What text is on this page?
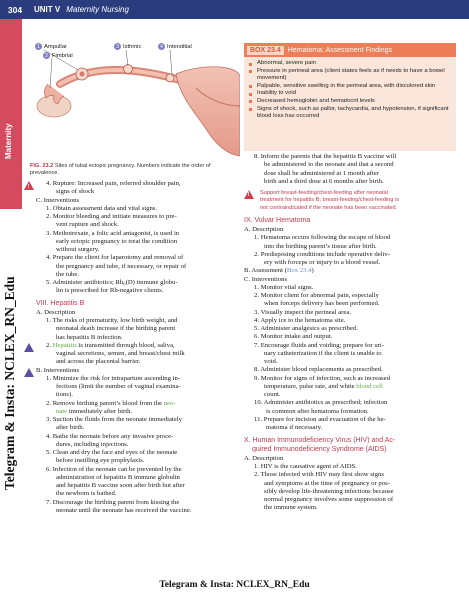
304	UNIT V Maternity Nursing
Maternity
Telegram & Insta: NCLEX_RN_Edu
1 Ampullar
2 Fimbrial
3 Isthmic	4 Interstitial
FIG. 23.2 Sites of tubal ectopic pregnancy. Numbers indicate the order of prevalence.
BOX 23.4	Hematoma: Assessment Findings
Abnormal, severe pain
Pressure in perineal area (client states feels as if needs to have a bowel movement)
Palpable, sensitive swelling in the perineal area, with discolored skin
Inability to void
Decreased hemoglobin and hematocrit levels
Signs of shock, such as pallor, tachycardia, and hypotension, if significant blood loss has occurred
!
4. Rupture: Increased pain, referred shoulder pain,
signs of shock
C. Interventions
1. Obtain assessment data and vital signs.
2. Monitor bleeding and initiate measures to pre-
vent rupture and shock.
3. Methotrexate, a folic acid antagonist, is used in
early ectopic pregnancy to treat the condition
without surgery.
4. Prepare the client for laparotomy and removal of
the pregnancy and tube, if necessary, or repair of
the tube.
5. Administer antibiotics; Rh₀(D) immune globu-
lin is prescribed for Rh-negative clients.
VIII. Hepatitis B
A. Description
1. The risks of prematurity, low birth weight, and
neonatal death increase if the birthing parent
has hepatitis B infection.
2. Hepatitis is transmitted through blood, saliva,
vaginal secretions, semen, and breast/chest milk
and across the placental barrier.
B. Interventions
1. Minimize the risk for intrapartum ascending in-
fections (limit the number of vaginal examina-
tions).
2. Remove birthing parent’s blood from the neo-
nate immediately after birth.
3. Suction the fluids from the neonate immediately
after birth.
4. Bathe the neonate before any invasive proce-
dures, including injections.
5. Clean and dry the face and eyes of the neonate
before instilling eye prophylaxis.
6. Infection of the neonate can be prevented by the
administration of hepatitis B immune globulin
and hepatitis B vaccine soon after birth but after
the newborn is bathed.
7. Discourage the birthing parent from kissing the
neonate until the neonate has received the vaccine.
8. Inform the parents that the hepatitis B vaccine will
be administered to the neonate and that a second
dose shall be administered at 1 month after
birth and a third dose at 6 months after birth.
!
Support breast-feeding/chest-feeding after neonatal
treatment for hepatitis B; breast-feeding/chest-feeding is
not contraindicated if the neonate has been vaccinated.
IX. Vulvar Hematoma
A. Description
1. Hematoma occurs following the escape of blood
into the birthing parent’s tissue after birth.
2. Predisposing conditions include operative deliv-
ery with forceps or injury to a blood vessel.
B. Assessment (Box 23.4)
C. Interventions
1. Monitor vital signs.
2. Monitor client for abnormal pain, especially
when forceps delivery has been performed.
3. Visually inspect the perineal area.
4. Apply ice to the hematoma site.
5. Administer analgesics as prescribed.
6. Monitor intake and output.
7. Encourage fluids and voiding; prepare for uri-
nary catheterization if the client is unable to
void.
8. Administer blood replacements as prescribed.
9. Monitor for signs of infection, such as increased
temperature, pulse rate, and white blood cell
count.
10. Administer antibiotics as prescribed; infection
is common after hematoma formation.
11. Prepare for incision and evacuation of the he-
matoma if necessary.
X. Human Immunodeficiency Virus (HIV) and Ac-
quired Immunodeficiency Syndrome (AIDS)
A. Description
1. HIV is the causative agent of AIDS.
2. Those infected with HIV may first show signs
and symptoms at the time of pregnancy or pos-
sibly develop life-threatening infections because
normal pregnancy involves some suppression of
the immune system.
Telegram & Insta: NCLEX_RN_Edu
